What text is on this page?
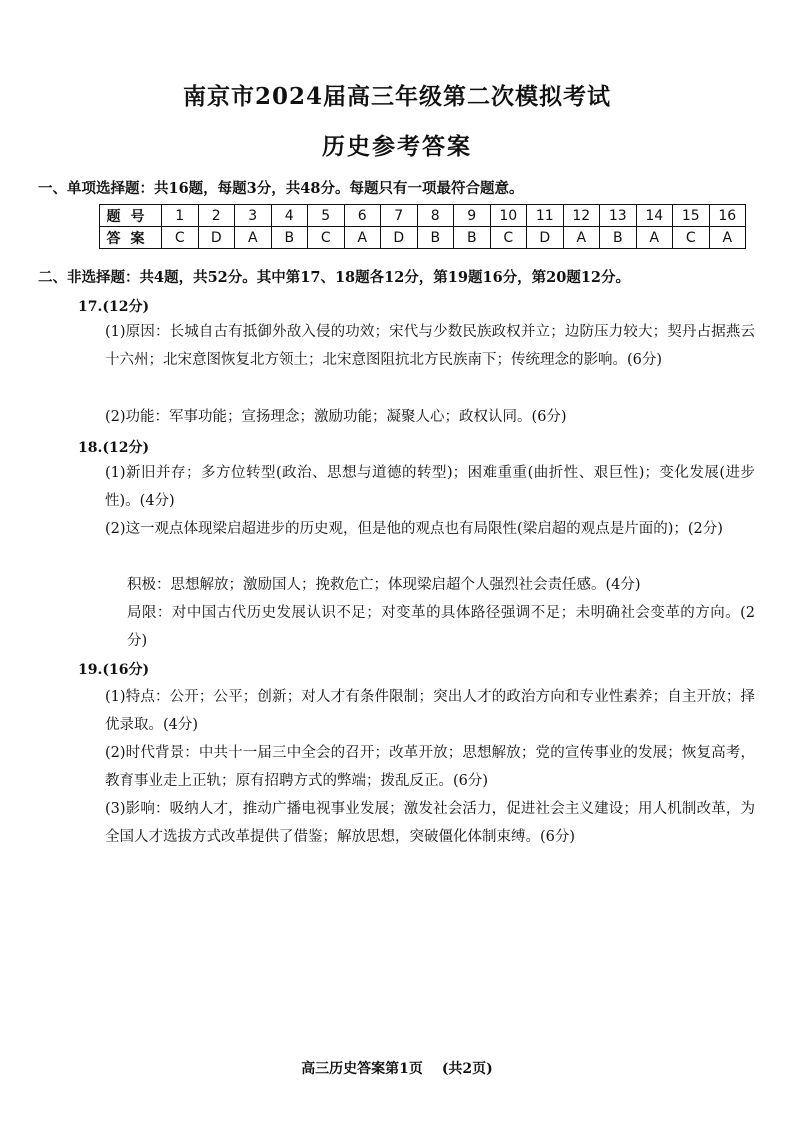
南京市2024届高三年级第二次模拟考试
历史参考答案
一、单项选择题：共16题，每题3分，共48分。每题只有一项最符合题意。
题号	1	2	3	4	5	6	7	8	9	10	11	12	13	14	15	16
答案	C	D	A	B	C	A	D	B	B	C	D	A	B	A	C	A
二、非选择题：共4题，共52分。其中第17、18题各12分，第19题16分，第20题12分。
17.(12分)
(1)原因：长城自古有抵御外敌入侵的功效；宋代与少数民族政权并立；边防压力较大；契丹占据燕云十六州；北宋意图恢复北方领土；北宋意图阻抗北方民族南下；传统理念的影响。(6分)
(2)功能：军事功能；宣扬理念；激励功能；凝聚人心；政权认同。(6分)
18.(12分)
(1)新旧并存；多方位转型(政治、思想与道德的转型)；困难重重(曲折性、艰巨性)；变化发展(进步性)。(4分)
(2)这一观点体现梁启超进步的历史观，但是他的观点也有局限性(梁启超的观点是片面的)；(2分)
积极：思想解放；激励国人；挽救危亡；体现梁启超个人强烈社会责任感。(4分)
局限：对中国古代历史发展认识不足；对变革的具体路径强调不足；未明确社会变革的方向。(2分)
19.(16分)
(1)特点：公开；公平；创新；对人才有条件限制；突出人才的政治方向和专业性素养；自主开放；择优录取。(4分)
(2)时代背景：中共十一届三中全会的召开；改革开放；思想解放；党的宣传事业的发展；恢复高考，教育事业走上正轨；原有招聘方式的弊端；拨乱反正。(6分)
(3)影响：吸纳人才，推动广播电视事业发展；激发社会活力，促进社会主义建设；用人机制改革，为全国人才选拔方式改革提供了借鉴；解放思想，突破僵化体制束缚。(6分)
高三历史答案第1页 (共2页)
